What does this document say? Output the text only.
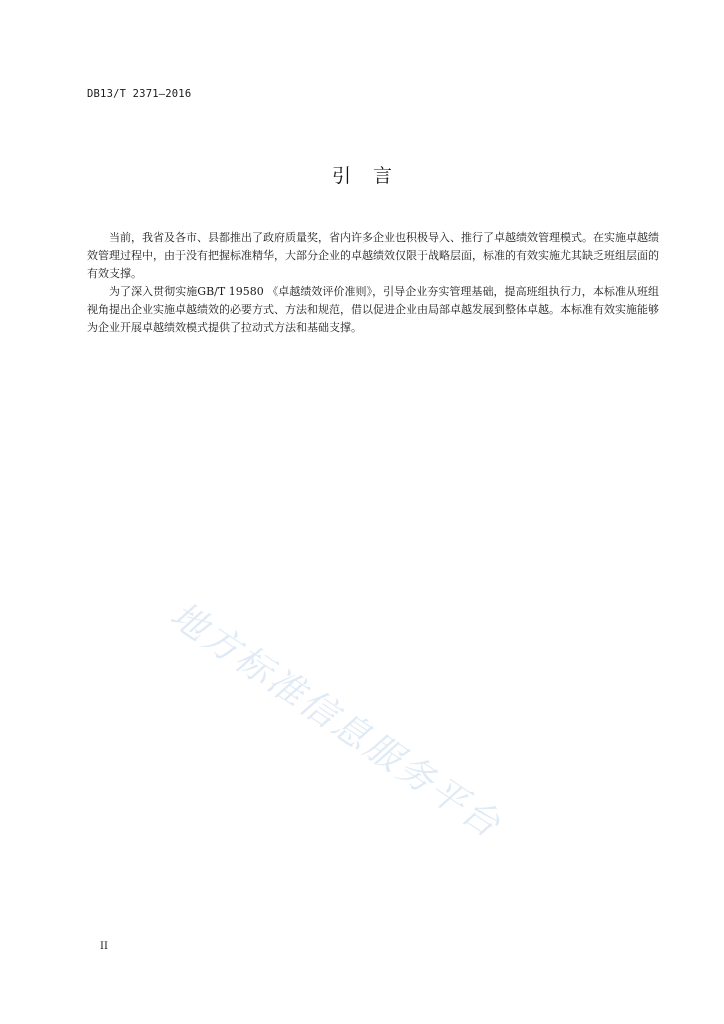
DB13/T 2371—2016
引 言

当前，我省及各市、县都推出了政府质量奖，省内许多企业也积极导入、推行了卓越绩效管理模式。在实施卓越绩效管理过程中，由于没有把握标准精华，大部分企业的卓越绩效仅限于战略层面，标准的有效实施尤其缺乏班组层面的有效支撑。

为了深入贯彻实施GB/T 19580 《卓越绩效评价准则》，引导企业夯实管理基础，提高班组执行力，本标准从班组视角提出企业实施卓越绩效的必要方式、方法和规范，借以促进企业由局部卓越发展到整体卓越。本标准有效实施能够为企业开展卓越绩效模式提供了拉动式方法和基础支撑。

地方标准信息服务平台
II
